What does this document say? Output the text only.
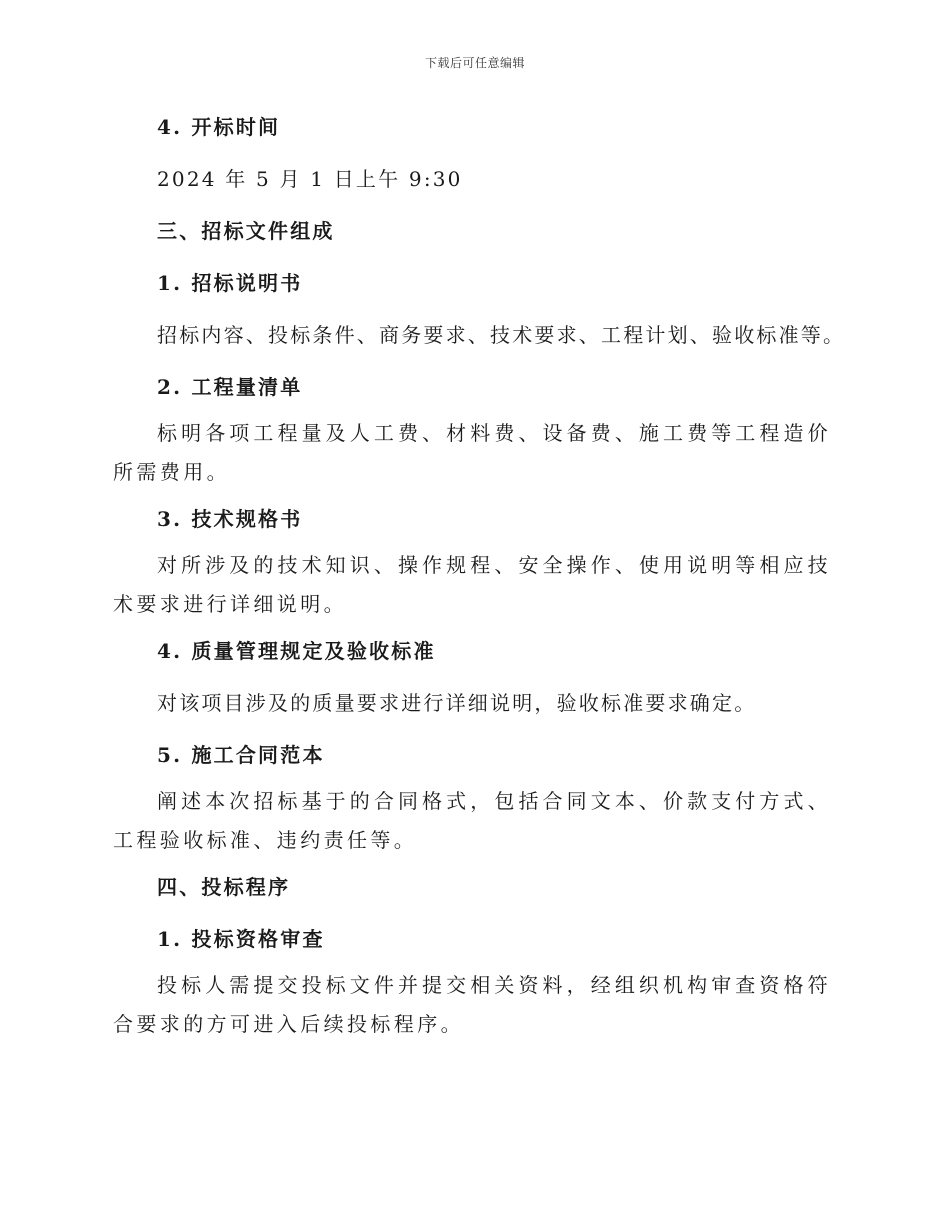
下载后可任意编辑
4. 开标时间
2024 年 5 月 1 日上午 9:30
三、招标文件组成
1. 招标说明书
招标内容、投标条件、商务要求、技术要求、工程计划、验收标准等。
2. 工程量清单
标明各项工程量及人工费、材料费、设备费、施工费等工程造价所需费用。
3. 技术规格书
对所涉及的技术知识、操作规程、安全操作、使用说明等相应技术要求进行详细说明。
4. 质量管理规定及验收标准
对该项目涉及的质量要求进行详细说明，验收标准要求确定。
5. 施工合同范本
阐述本次招标基于的合同格式，包括合同文本、价款支付方式、工程验收标准、违约责任等。
四、投标程序
1. 投标资格审查
投标人需提交投标文件并提交相关资料，经组织机构审查资格符合要求的方可进入后续投标程序。
